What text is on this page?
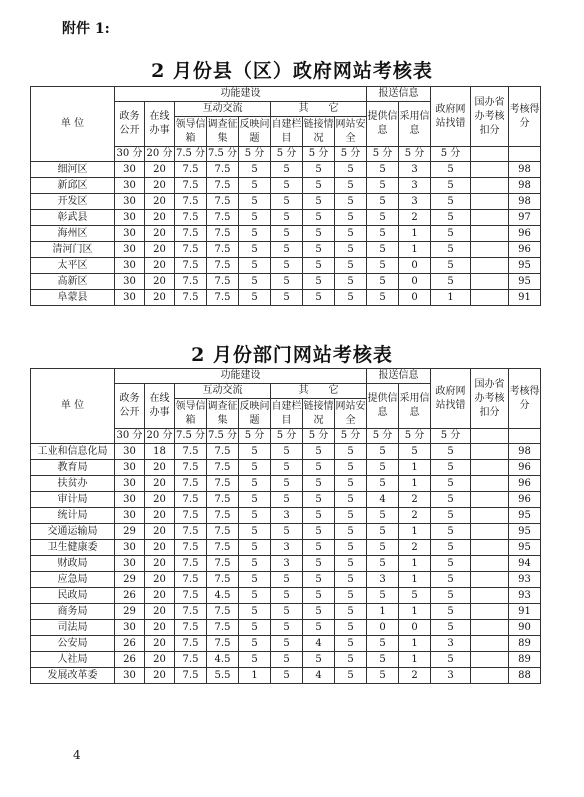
附件 1:
2 月份县（区）政府网站考核表
单 位	功能建设								报送信息		政府网站找错	国办省办考核扣分	考核得分
	政务公开	在线办事	互动交流			其　　它			提供信息	采用信息			
			领导信箱	调查征集	反映问题	自建栏目	链接情况	网站安全					
	30 分	20 分	7.5 分	7.5 分	5 分	5 分	5 分	5 分	5 分	5 分	5 分		
细河区	30	20	7.5	7.5	5	5	5	5	5	3	5		98
新邱区	30	20	7.5	7.5	5	5	5	5	5	3	5		98
开发区	30	20	7.5	7.5	5	5	5	5	5	3	5		98
彰武县	30	20	7.5	7.5	5	5	5	5	5	2	5		97
海州区	30	20	7.5	7.5	5	5	5	5	5	1	5		96
清河门区	30	20	7.5	7.5	5	5	5	5	5	1	5		96
太平区	30	20	7.5	7.5	5	5	5	5	5	0	5		95
高新区	30	20	7.5	7.5	5	5	5	5	5	0	5		95
阜蒙县	30	20	7.5	7.5	5	5	5	5	5	0	1		91
2 月份部门网站考核表
单 位	功能建设								报送信息		政府网站找错	国办省办考核扣分	考核得分
	政务公开	在线办事	互动交流			其　　它			提供信息	采用信息			
			领导信箱	调查征集	反映问题	自建栏目	链接情况	网站安全					
	30 分	20 分	7.5 分	7.5 分	5 分	5 分	5 分	5 分	5 分	5 分	5 分		
工业和信息化局	30	18	7.5	7.5	5	5	5	5	5	5	5		98
教育局	30	20	7.5	7.5	5	5	5	5	5	1	5		96
扶贫办	30	20	7.5	7.5	5	5	5	5	5	1	5		96
审计局	30	20	7.5	7.5	5	5	5	5	4	2	5		96
统计局	30	20	7.5	7.5	5	3	5	5	5	2	5		95
交通运输局	29	20	7.5	7.5	5	5	5	5	5	1	5		95
卫生健康委	30	20	7.5	7.5	5	3	5	5	5	2	5		95
财政局	30	20	7.5	7.5	5	3	5	5	5	1	5		94
应急局	29	20	7.5	7.5	5	5	5	5	3	1	5		93
民政局	26	20	7.5	4.5	5	5	5	5	5	5	5		93
商务局	29	20	7.5	7.5	5	5	5	5	1	1	5		91
司法局	30	20	7.5	7.5	5	5	5	5	0	0	5		90
公安局	26	20	7.5	7.5	5	5	4	5	5	1	3		89
人社局	26	20	7.5	4.5	5	5	5	5	5	1	5		89
发展改革委	30	20	7.5	5.5	1	5	4	5	5	2	3		88
4
